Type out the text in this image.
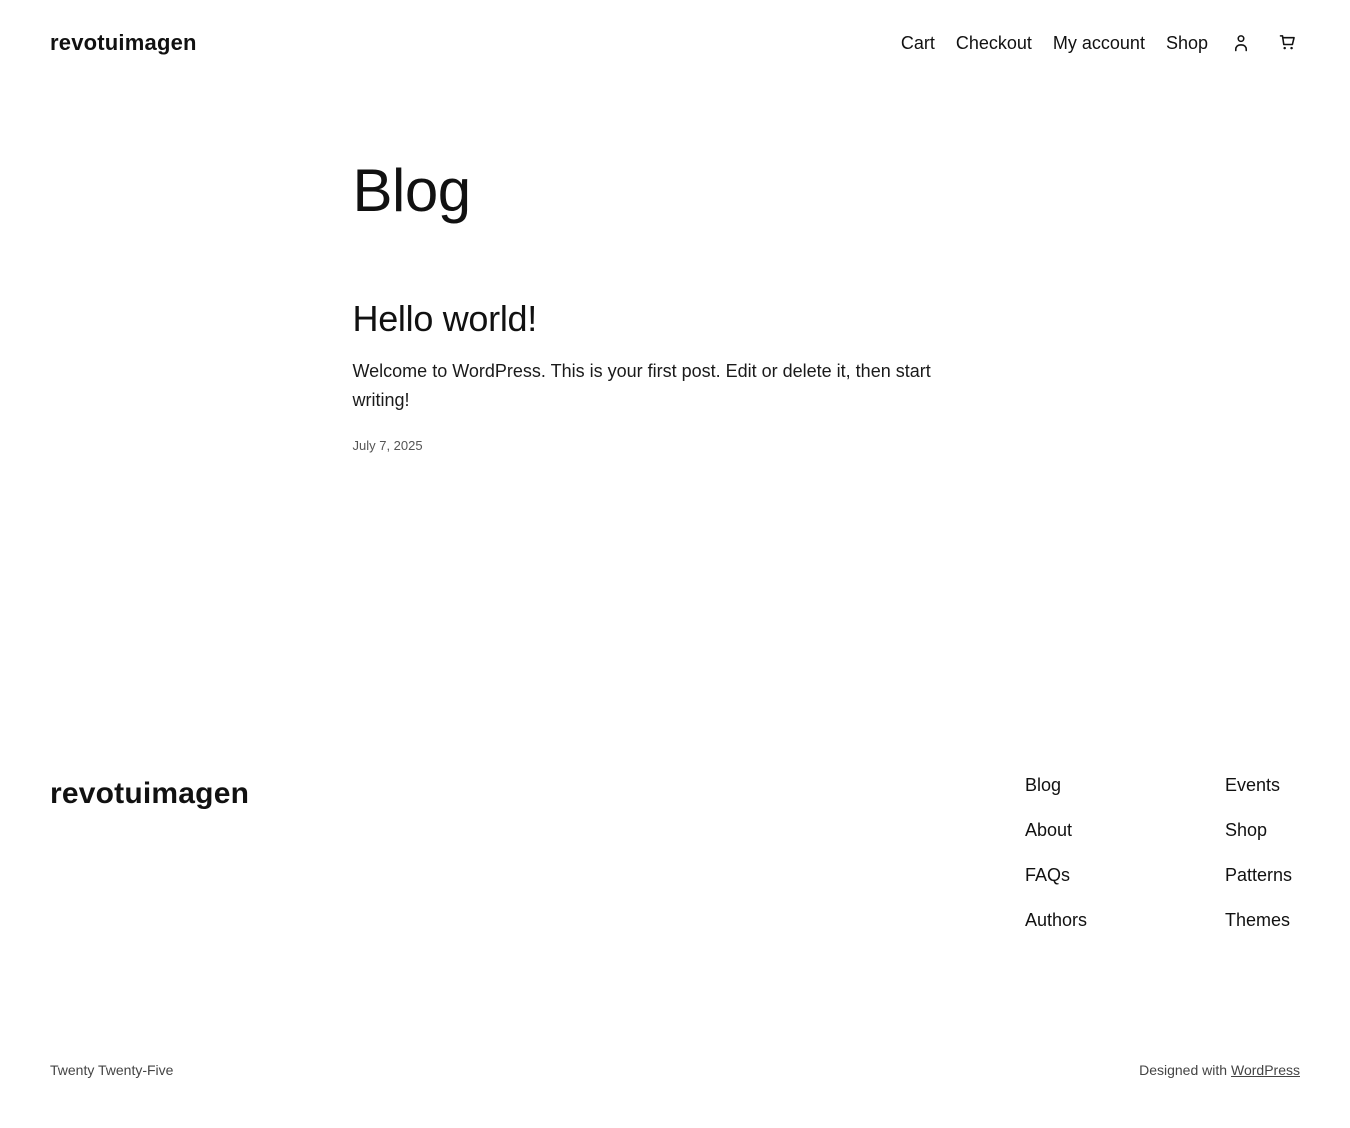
revotuimagen	Cart Checkout My account Shop
Blog
Hello world!

Welcome to WordPress. This is your first post. Edit or delete it, then start writing!

July 7, 2025
revotuimagen	Blog
About
FAQs
Authors
Events
Shop
Patterns
Themes
Twenty Twenty-Five	Designed with WordPress
